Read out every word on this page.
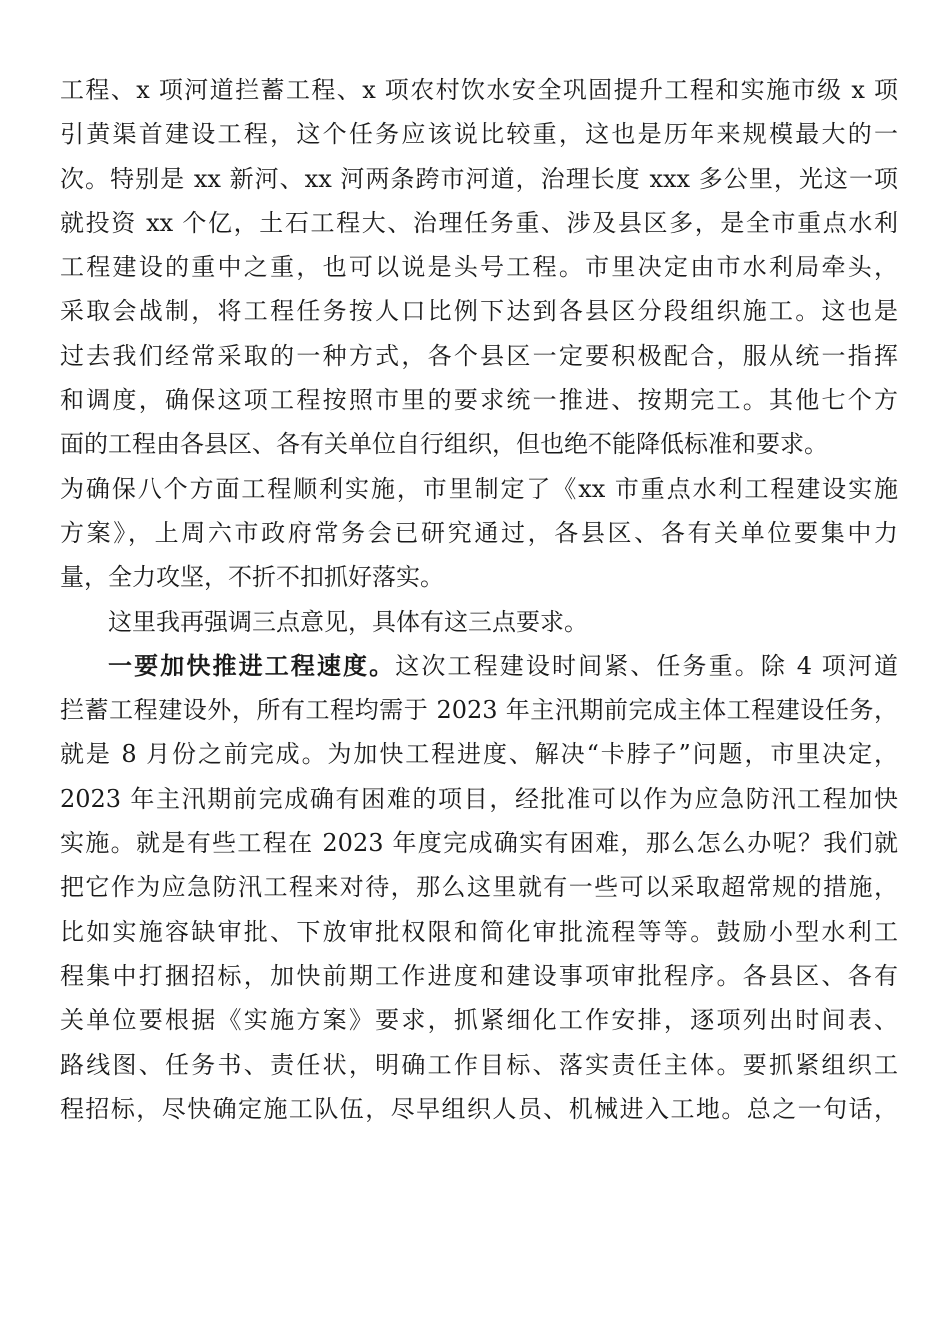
工程、x 项河道拦蓄工程、x 项农村饮水安全巩固提升工程和实施市级 x 项
引黄渠首建设工程，这个任务应该说比较重，这也是历年来规模最大的一
次。特别是 xx 新河、xx 河两条跨市河道，治理长度 xxx 多公里，光这一项
就投资 xx 个亿，土石工程大、治理任务重、涉及县区多，是全市重点水利
工程建设的重中之重，也可以说是头号工程。市里决定由市水利局牵头，
采取会战制，将工程任务按人口比例下达到各县区分段组织施工。这也是
过去我们经常采取的一种方式，各个县区一定要积极配合，服从统一指挥
和调度，确保这项工程按照市里的要求统一推进、按期完工。其他七个方
面的工程由各县区、各有关单位自行组织，但也绝不能降低标准和要求。
为确保八个方面工程顺利实施，市里制定了《xx 市重点水利工程建设实施
方案》，上周六市政府常务会已研究通过，各县区、各有关单位要集中力
量，全力攻坚，不折不扣抓好落实。
这里我再强调三点意见，具体有这三点要求。
一要加快推进工程速度。这次工程建设时间紧、任务重。除 4 项河道
拦蓄工程建设外，所有工程均需于 2023 年主汛期前完成主体工程建设任务，
就是 8 月份之前完成。为加快工程进度、解决“卡脖子”问题，市里决定，
2023 年主汛期前完成确有困难的项目，经批准可以作为应急防汛工程加快
实施。就是有些工程在 2023 年度完成确实有困难，那么怎么办呢？我们就
把它作为应急防汛工程来对待，那么这里就有一些可以采取超常规的措施，
比如实施容缺审批、下放审批权限和简化审批流程等等。鼓励小型水利工
程集中打捆招标，加快前期工作进度和建设事项审批程序。各县区、各有
关单位要根据《实施方案》要求，抓紧细化工作安排，逐项列出时间表、
路线图、任务书、责任状，明确工作目标、落实责任主体。要抓紧组织工
程招标，尽快确定施工队伍，尽早组织人员、机械进入工地。总之一句话，
